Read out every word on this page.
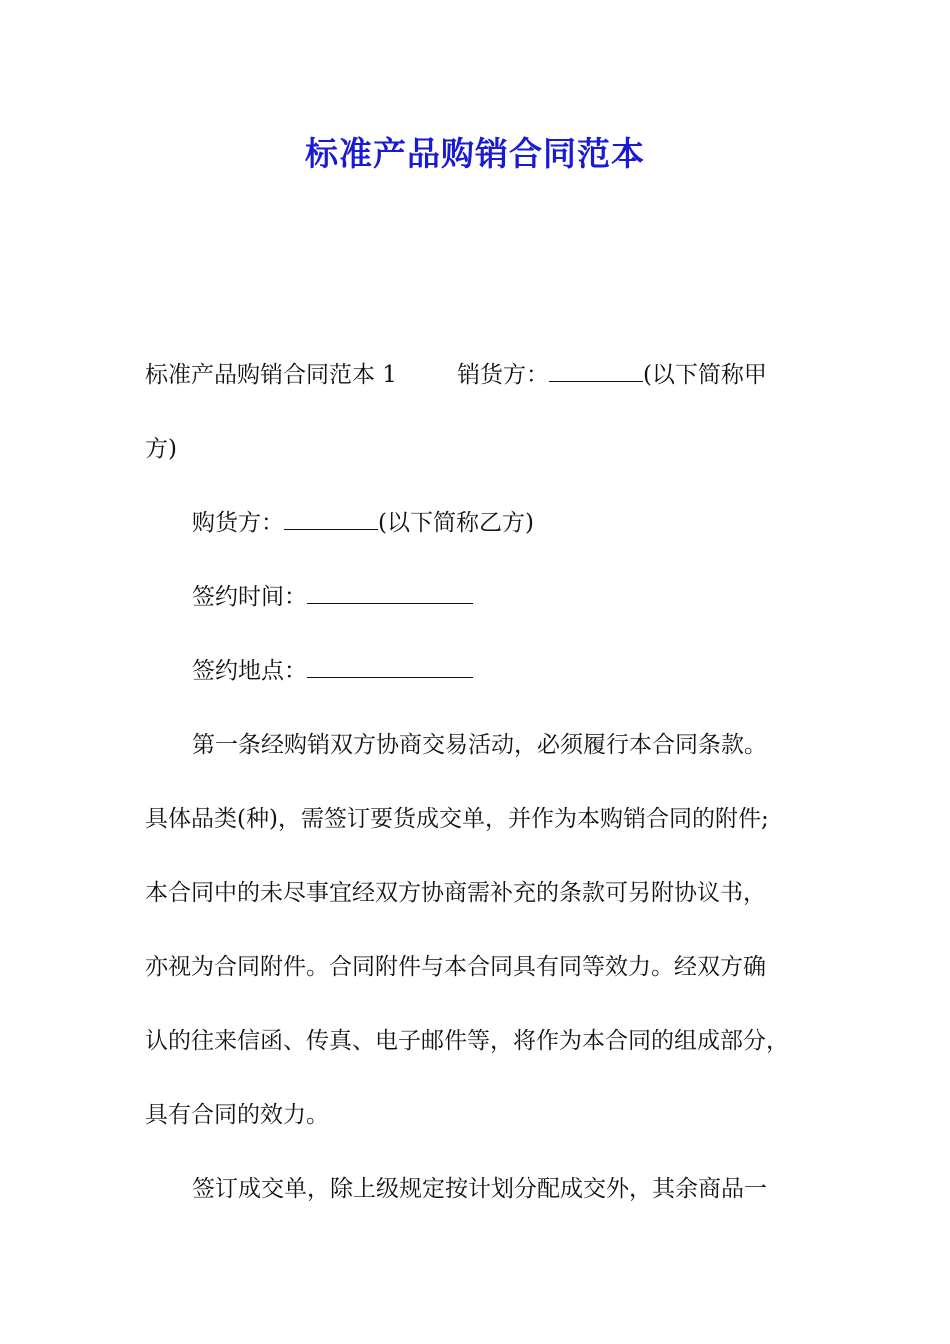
标准产品购销合同范本
标准产品购销合同范本 1	销货方：	(以下简称甲
方)
购货方：	(以下简称乙方)
签约时间：
签约地点：
第一条经购销双方协商交易活动，必须履行本合同条款。
具体品类(种)，需签订要货成交单，并作为本购销合同的附件;
本合同中的未尽事宜经双方协商需补充的条款可另附协议书，
亦视为合同附件。合同附件与本合同具有同等效力。经双方确
认的往来信函、传真、电子邮件等，将作为本合同的组成部分，
具有合同的效力。
签订成交单，除上级规定按计划分配成交外，其余商品一
